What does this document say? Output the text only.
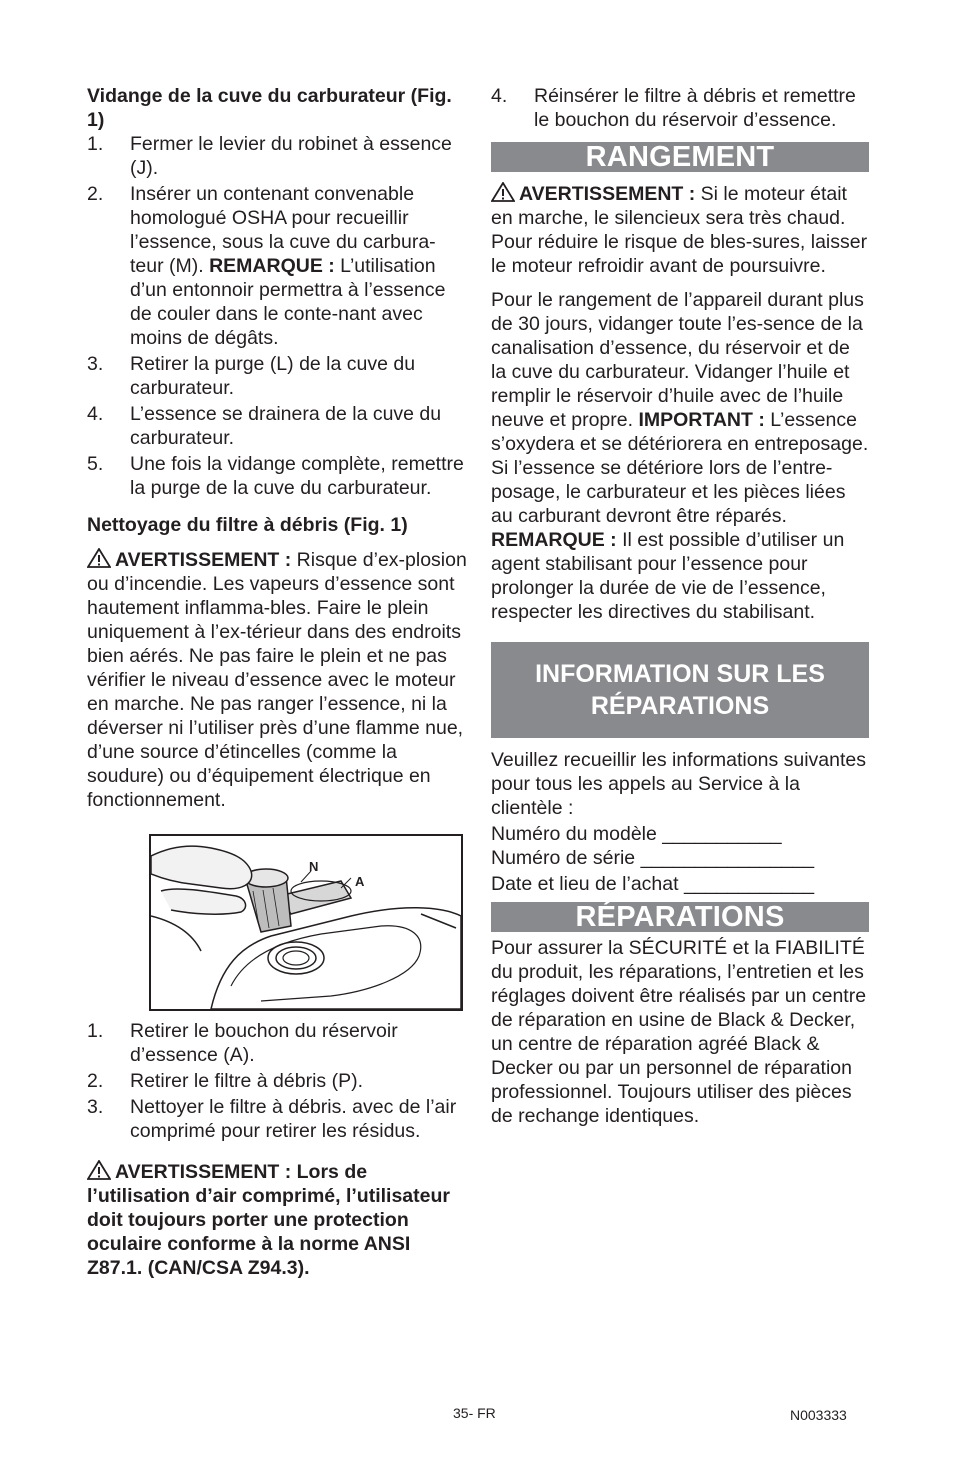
Vidange de la cuve du carburateur (Fig. 1)

1. Fermer le levier du robinet à essence (J).
2. Insérer un contenant convenable homologué OSHA pour recueillir l’essence, sous la cuve du carbura-teur (M). REMARQUE : L’utilisation d’un entonnoir permettra à l’essence de couler dans le conte-nant avec moins de dégâts.
3. Retirer la purge (L) de la cuve du carburateur.
4. L’essence se drainera de la cuve du carburateur.
5. Une fois la vidange complète, remettre la purge de la cuve du carburateur.

Nettoyage du filtre à débris (Fig. 1)

AVERTISSEMENT : Risque d’ex-plosion ou d’incendie. Les vapeurs d’essence sont hautement inflamma-bles. Faire le plein uniquement à l’ex-térieur dans des endroits bien aérés. Ne pas faire le plein et ne pas vérifier le niveau d’essence avec le moteur en marche. Ne pas ranger l’essence, ni la déverser ni l’utiliser près d’une flamme nue, d’une source d’étincelles (comme la soudure) ou d’équipement électrique en fonctionnement.

N
A
1. Retirer le bouchon du réservoir d’essence (A).
2. Retirer le filtre à débris (P).
3. Nettoyer le filtre à débris. avec de l’air comprimé pour retirer les résidus.

AVERTISSEMENT : Lors de l’utilisation d’air comprimé, l’utilisateur doit toujours porter une protection oculaire conforme à la norme ANSI Z87.1. (CAN/CSA Z94.3).

4. Réinsérer le filtre à débris et remettre le bouchon du réservoir d’essence.
RANGEMENT

AVERTISSEMENT : Si le moteur était en marche, le silencieux sera très chaud. Pour réduire le risque de bles-sures, laisser le moteur refroidir avant de poursuivre.

Pour le rangement de l’appareil durant plus de 30 jours, vidanger toute l’es-sence de la canalisation d’essence, du réservoir et de la cuve du carburateur. Vidanger l’huile et remplir le réservoir d’huile avec de l’huile neuve et propre. IMPORTANT : L’essence s’oxydera et se détériorera en entreposage. Si l’essence se détériore lors de l’entre-posage, le carburateur et les pièces liées au carburant devront être réparés. REMARQUE : Il est possible d’utiliser un agent stabilisant pour l’essence pour prolonger la durée de vie de l’essence, respecter les directives du stabilisant.

INFORMATION SUR LES
RÉPARATIONS

Veuillez recueillir les informations suivantes pour tous les appels au Service à la clientèle :

Numéro du modèle ___________

Numéro de série ________________

Date et lieu de l’achat ____________

RÉPARATIONS

Pour assurer la SÉCURITÉ et la FIABILITÉ du produit, les réparations, l’entretien et les réglages doivent être réalisés par un centre de réparation en usine de Black & Decker, un centre de réparation agréé Black & Decker ou par un personnel de réparation professionnel. Toujours utiliser des pièces de rechange identiques.

35- FR	N003333
